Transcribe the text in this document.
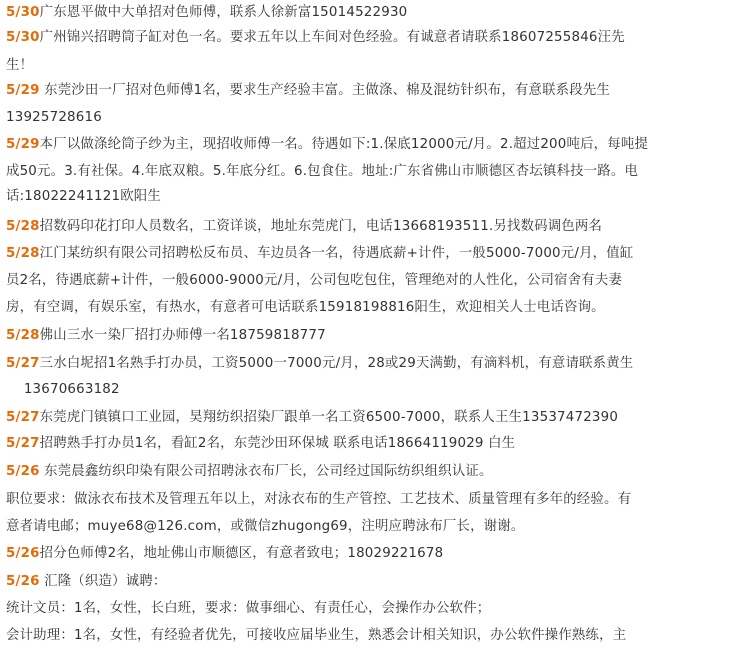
5/30广东恩平做中大单招对色师傅，联系人徐新富15014522930
5/30广州锦兴招聘筒子缸对色一名。要求五年以上车间对色经验。有诚意者请联系18607255846汪先
生！
5/29 东莞沙田一厂招对色师傅1名，要求生产经验丰富。主做涤、棉及混纺针织布，有意联系段先生
13925728616
5/29本厂以做涤纶筒子纱为主，现招收师傅一名。待遇如下:1.保底12000元/月。2.超过200吨后，每吨提
成50元。3.有社保。4.年底双粮。5.年底分红。6.包食住。地址:广东省佛山市顺德区杏坛镇科技一路。电
话:18022241121欧阳生
5/28招数码印花打印人员数名，工资详谈，地址东莞虎门，电话13668193511.另找数码调色两名
5/28江门某纺织有限公司招聘松反布员、车边员各一名，待遇底薪+计件，一般5000-7000元/月，值缸
员2名，待遇底薪+计件，一般6000-9000元/月，公司包吃包住，管理绝对的人性化，公司宿舍有夫妻
房，有空调，有娱乐室，有热水，有意者可电话联系15918198816阳生，欢迎相关人士电话咨询。
5/28佛山三水一染厂招打办师傅一名18759818777
5/27三水白坭招1名熟手打办员，工资5000一7000元/月，28或29天满勤，有滴料机，有意请联系黄生
13670663182
5/27东莞虎门镇镇口工业园，昊翔纺织招染厂跟单一名工资6500-7000，联系人王生13537472390
5/27招聘熟手打办员1名，看缸2名，东莞沙田环保城 联系电话18664119029 白生
5/26 东莞晨鑫纺织印染有限公司招聘泳衣布厂长，公司经过国际纺织组织认证。
职位要求：做泳衣布技术及管理五年以上，对泳衣布的生产管控、工艺技术、质量管理有多年的经验。有
意者请电邮；muye68@126.com，或微信zhugong69，注明应聘泳布厂长，谢谢。
5/26招分色师傅2名，地址佛山市顺德区，有意者致电；18029221678
5/26 汇隆（织造）诚聘：
统计文员：1名，女性，长白班，要求：做事细心、有责任心，会操作办公软件；
会计助理：1名，女性，有经验者优先，可接收应届毕业生，熟悉会计相关知识，办公软件操作熟练，主
